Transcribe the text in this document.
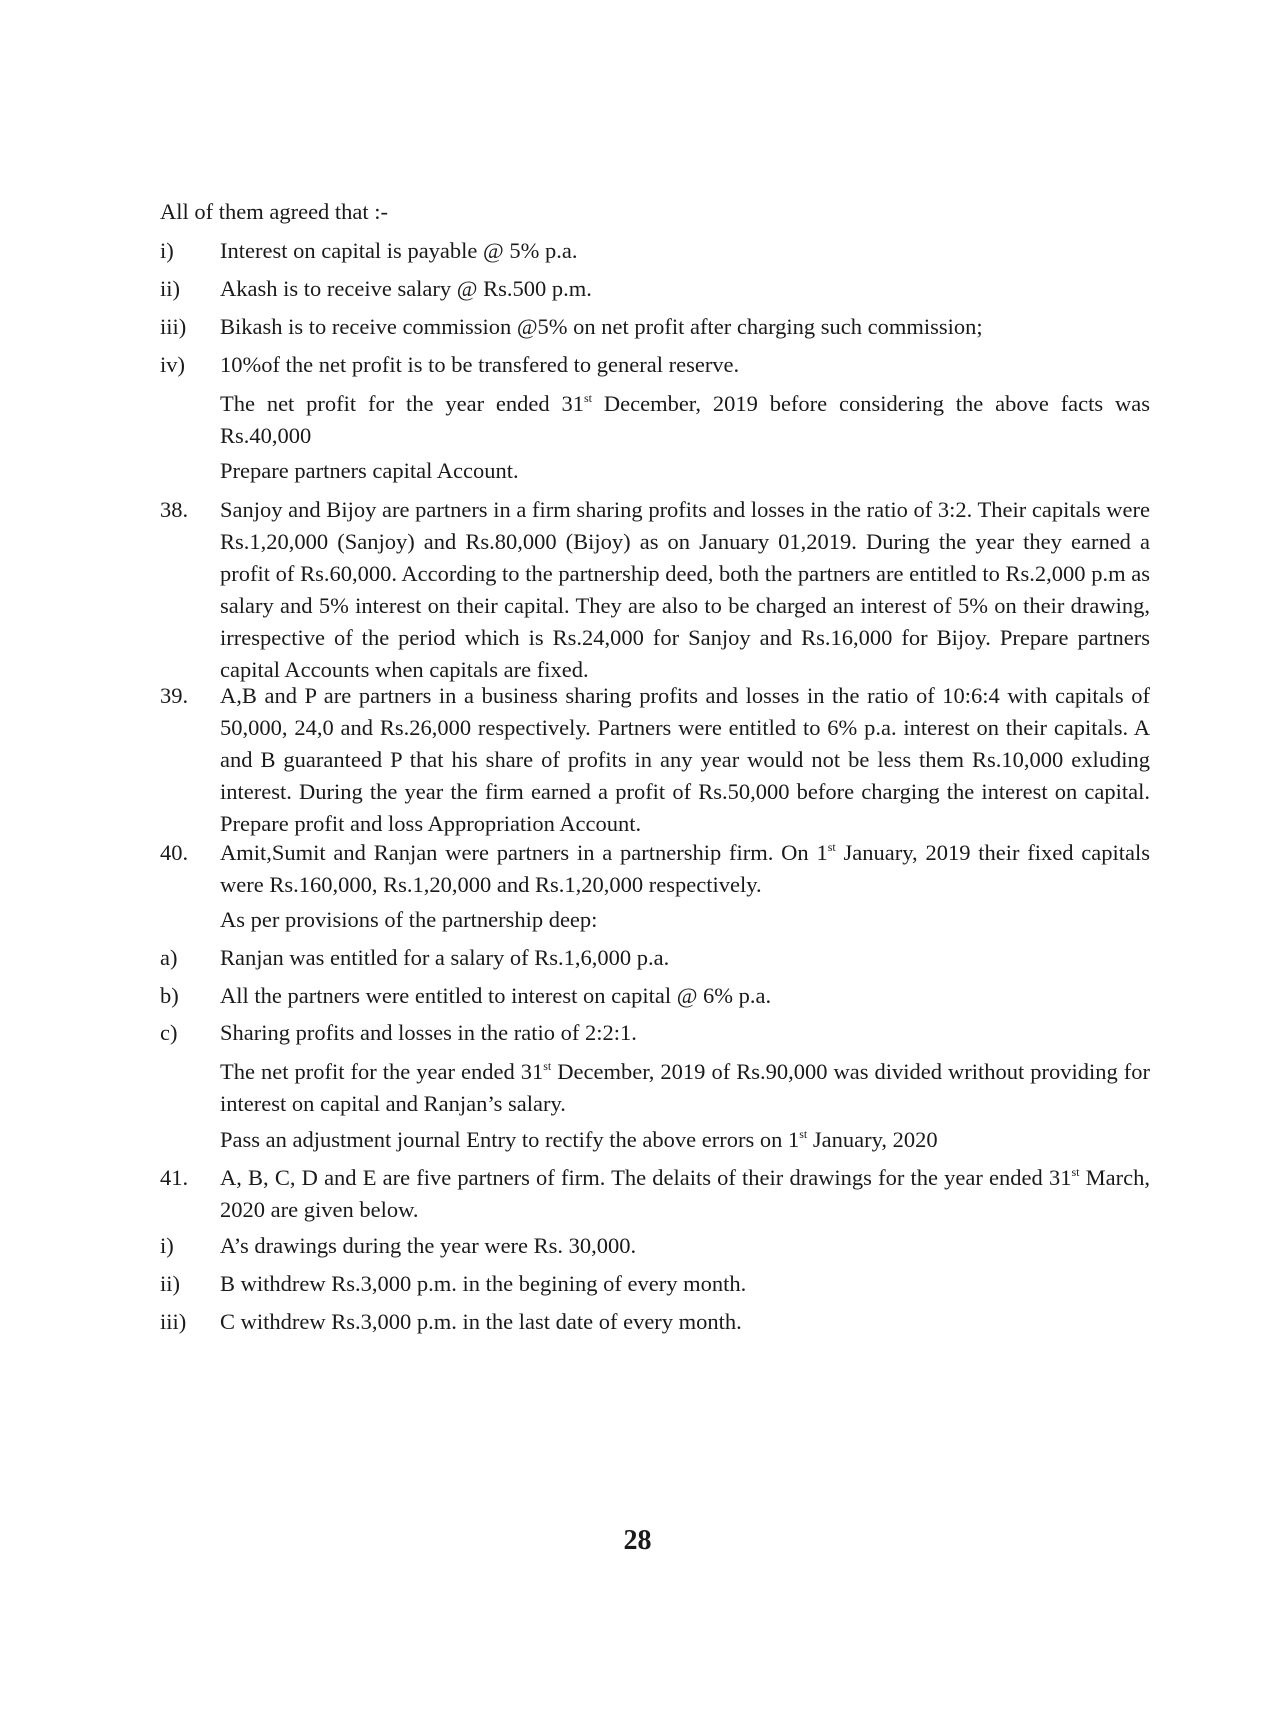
All of them agreed that :-
i)	Interest on capital is payable @ 5% p.a.
ii)	Akash is to receive salary @ Rs.500 p.m.
iii)	Bikash is to receive commission @5% on net profit after charging such commission;
iv)	10%of the net profit is to be transfered to general reserve.
The net profit for the year ended 31st December, 2019 before considering the above facts was Rs.40,000
Prepare partners capital Account.
38.	Sanjoy and Bijoy are partners in a firm sharing profits and losses in the ratio of 3:2. Their capitals were Rs.1,20,000 (Sanjoy) and Rs.80,000 (Bijoy) as on January 01,2019. During the year they earned a profit of Rs.60,000. According to the partnership deed, both the partners are entitled to Rs.2,000 p.m as salary and 5% interest on their capital. They are also to be charged an interest of 5% on their drawing, irrespective of the period which is Rs.24,000 for Sanjoy and Rs.16,000 for Bijoy. Prepare partners capital Accounts when capitals are fixed.
39.	A,B and P are partners in a business sharing profits and losses in the ratio of 10:6:4 with capitals of 50,000, 24,0 and Rs.26,000 respectively. Partners were entitled to 6% p.a. interest on their capitals. A and B guaranteed P that his share of profits in any year would not be less them Rs.10,000 exluding interest. During the year the firm earned a profit of Rs.50,000 before charging the interest on capital. Prepare profit and loss Appropriation Account.
40.	Amit,Sumit and Ranjan were partners in a partnership firm. On 1st January, 2019 their fixed capitals were Rs.160,000, Rs.1,20,000 and Rs.1,20,000 respectively.
As per provisions of the partnership deep:
a)	Ranjan was entitled for a salary of Rs.1,6,000 p.a.
b)	All the partners were entitled to interest on capital @ 6% p.a.
c)	Sharing profits and losses in the ratio of 2:2:1.
The net profit for the year ended 31st December, 2019 of Rs.90,000 was divided writhout providing for interest on capital and Ranjan’s salary.
Pass an adjustment journal Entry to rectify the above errors on 1st January, 2020
41.	A, B, C, D and E are five partners of firm. The delaits of their drawings for the year ended 31st March, 2020 are given below.
i)	A’s drawings during the year were Rs. 30,000.
ii)	B withdrew Rs.3,000 p.m. in the begining of every month.
iii)	C withdrew Rs.3,000 p.m. in the last date of every month.
28
